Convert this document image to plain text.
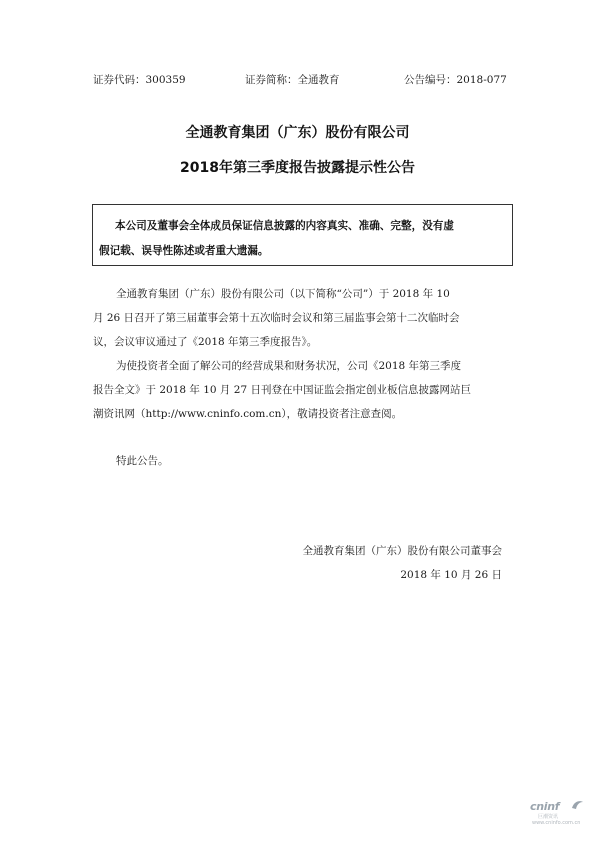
证券代码：300359	证券简称：全通教育	公告编号：2018-077
全通教育集团（广东）股份有限公司
2018年第三季度报告披露提示性公告
本公司及董事会全体成员保证信息披露的内容真实、准确、完整，没有虚
假记载、误导性陈述或者重大遗漏。
全通教育集团（广东）股份有限公司（以下简称“公司”）于 2018 年 10
月 26 日召开了第三届董事会第十五次临时会议和第三届监事会第十二次临时会
议，会议审议通过了《2018 年第三季度报告》。
为使投资者全面了解公司的经营成果和财务状况，公司《2018 年第三季度
报告全文》于 2018 年 10 月 27 日刊登在中国证监会指定创业板信息披露网站巨
潮资讯网（http://www.cninfo.com.cn），敬请投资者注意查阅。
特此公告。
全通教育集团（广东）股份有限公司董事会
2018 年 10 月 26 日
cninf
巨潮资讯
www.cninfo.com.cn
